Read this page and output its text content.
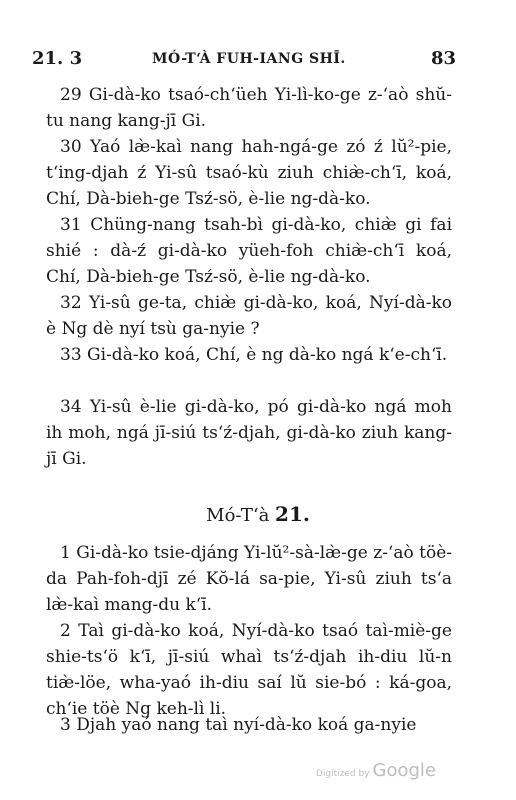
21. 3	MÓ-T‘À FUH-IANG SHĪ.	83

29 Gi-dà-ko tsaó-ch‘üeh Yi-lì-ko-ge z-‘aò shŭ-tu nang kang-jī Gi.

30 Yaó læ̀-kaì nang hah-ngá-ge zó ź lŭ²-pie, t‘ing-djah ź Yi-sû tsaó-kù ziuh chiæ̀-ch‘ī, koá, Chí, Dà-bieh-ge Tsź-sö, è-lie ng-dà-ko.

31 Chüng-nang tsah-bì gi-dà-ko, chiæ̀ gi fai shié : dà-ź gi-dà-ko yüeh-foh chiæ̀-ch‘ī koá, Chí, Dà-bieh-ge Tsź-sö, è-lie ng-dà-ko.

32 Yi-sû ge-ta, chiæ̀ gi-dà-ko, koá, Nyí-dà-ko è Ng dè nyí tsù ga-nyie ?

33 Gi-dà-ko koá, Chí, è ng dà-ko ngá k‘e-ch‘ī.

34 Yi-sû è-lie gi-dà-ko, pó gi-dà-ko ngá moh ih moh, ngá jī-siú ts‘ź-djah, gi-dà-ko ziuh kang-jī Gi.

Mó-T‘à 21.

1 Gi-dà-ko tsie-djáng Yi-lŭ²-sà-læ̀-ge z-‘aò töè-da Pah-foh-djī zé Kŏ-lá sa-pie, Yi-sû ziuh ts‘a læ̀-kaì mang-du k‘ī.

2 Taì gi-dà-ko koá, Nyí-dà-ko tsaó taì-miè-ge shie-ts‘ö k‘ī, jī-siú whaì ts‘ź-djah ih-diu lŭ-n tiæ̀-löe, wha-yaó ih-diu saí lŭ sie-bó : ká-goa, ch‘ie töè Ng keh-lì li.

3 Djah yaó nang taì nyí-dà-ko koá ga-nyie

Digitized by Google
